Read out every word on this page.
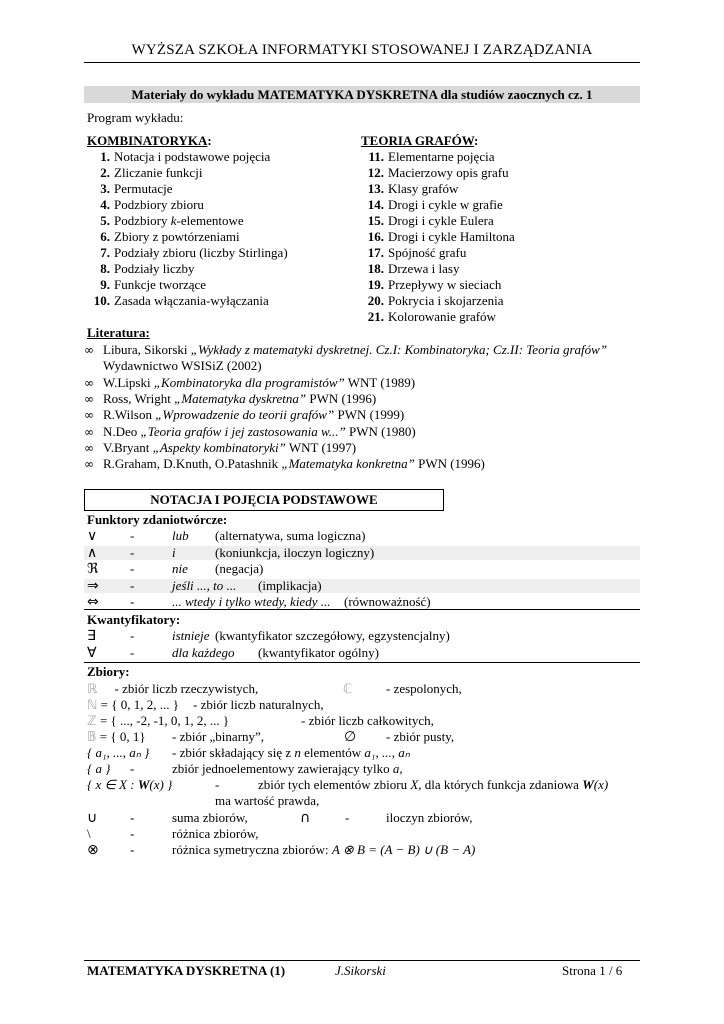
WYŻSZA SZKOŁA INFORMATYKI STOSOWANEJ I ZARZĄDZANIA
Materiały do wykładu MATEMATYKA DYSKRETNA dla studiów zaocznych cz. 1
Program wykładu:
KOMBINATORYKA:
1. Notacja i podstawowe pojęcia
2. Zliczanie funkcji
3. Permutacje
4. Podzbiory zbioru
5. Podzbiory k-elementowe
6. Zbiory z powtórzeniami
7. Podziały zbioru (liczby Stirlinga)
8. Podziały liczby
9. Funkcje tworzące
10. Zasada włączania-wyłączania
TEORIA GRAFÓW:
11. Elementarne pojęcia
12. Macierzowy opis grafu
13. Klasy grafów
14. Drogi i cykle w grafie
15. Drogi i cykle Eulera
16. Drogi i cykle Hamiltona
17. Spójność grafu
18. Drzewa i lasy
19. Przepływy w sieciach
20. Pokrycia i skojarzenia
21. Kolorowanie grafów
Literatura:
∞ Libura, Sikorski „Wykłady z matematyki dyskretnej. Cz.I: Kombinatoryka; Cz.II: Teoria grafów”
Wydawnictwo WSISiZ (2002)
∞ W.Lipski „Kombinatoryka dla programistów” WNT (1989)
∞ Ross, Wright „Matematyka dyskretna” PWN (1996)
∞ R.Wilson „Wprowadzenie do teorii grafów” PWN (1999)
∞ N.Deo „Teoria grafów i jej zastosowania w...” PWN (1980)
∞ V.Bryant „Aspekty kombinatoryki” WNT (1997)
∞ R.Graham, D.Knuth, O.Patashnik „Matematyka konkretna” PWN (1996)
NOTACJA I POJĘCIA PODSTAWOWE
Funktory zdaniotwórcze:
∨	-	lub (alternatywa, suma logiczna)
∧	-	i	(koniunkcja, iloczyn logiczny)
ℜ -	nie (negacja)
⇒ -	jeśli ..., to ... (implikacja)
⇔ -	... wtedy i tylko wtedy, kiedy ... (równoważność)
Kwantyfikatory:
∃	-	istnieje (kwantyfikator szczegółowy, egzystencjalny)
∀	-	dla każdego (kwantyfikator ogólny)
Zbiory:
ℝ - zbiór liczb rzeczywistych,	ℂ	- zespolonych,
ℕ = { 0, 1, 2, ... } - zbiór liczb naturalnych,
ℤ = { ..., -2, -1, 0, 1, 2, ... }	- zbiór liczb całkowitych,
𝔹 = { 0, 1} - zbiór „binarny”,	∅ - zbiór pusty,
{ a₁, ..., aₙ } - zbiór składający się z n elementów a₁, ..., aₙ
{ a } -	zbiór jednoelementowy zawierający tylko a,
{ x ∈ X : W(x) }	-	zbiór tych elementów zbioru X, dla których funkcja zdaniowa W(x)
ma wartość prawda,
∪	-	suma zbiorów,	∩	-	iloczyn zbiorów,
\	-	różnica zbiorów,
⊗ -	różnica symetryczna zbiorów: A ⊗ B = (A − B) ∪ (B − A)
MATEMATYKA DYSKRETNA (1)	J.Sikorski	Strona 1 / 6
